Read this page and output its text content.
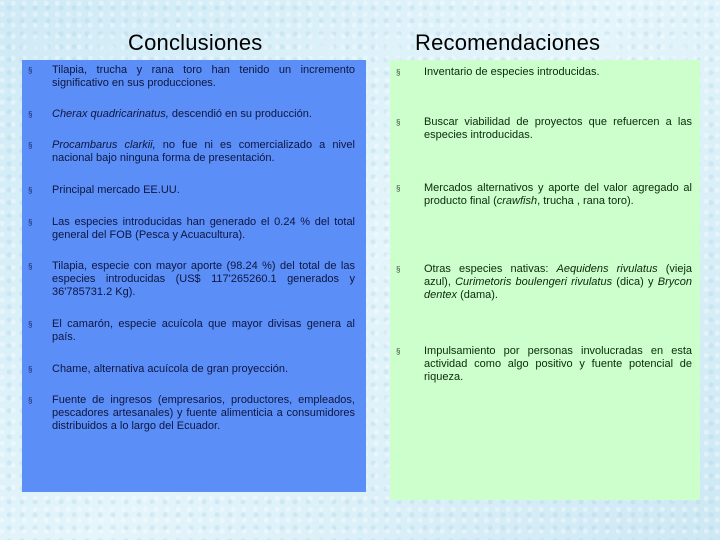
Conclusiones	Recomendaciones
§ Tilapia, trucha y rana toro han tenido un incremento significativo en sus producciones.
§ Cherax quadricarinatus, descendió en su producción.
§ Procambarus clarkii, no fue ni es comercializado a nivel nacional bajo ninguna forma de presentación.
§ Principal mercado EE.UU.
§ Las especies introducidas han generado el 0.24 % del total general del FOB (Pesca y Acuacultura).
§ Tilapia, especie con mayor aporte (98.24 %) del total de las especies introducidas (US$ 117'265260.1 generados y 36'785731.2 Kg).
§ El camarón, especie acuícola que mayor divisas genera al país.
§ Chame, alternativa acuícola de gran proyección.
§ Fuente de ingresos (empresarios, productores, empleados, pescadores artesanales) y fuente alimenticia a consumidores distribuidos a lo largo del Ecuador.
§ Inventario de especies introducidas.
§ Buscar viabilidad de proyectos que refuercen a las especies introducidas.
§ Mercados alternativos y aporte del valor agregado al producto final (crawfish, trucha , rana toro).
§ Otras especies nativas: Aequidens rivulatus (vieja azul), Curimetoris boulengeri rivulatus (dica) y Brycon dentex (dama).
§ Impulsamiento por personas involucradas en esta actividad como algo positivo y fuente potencial de riqueza.
